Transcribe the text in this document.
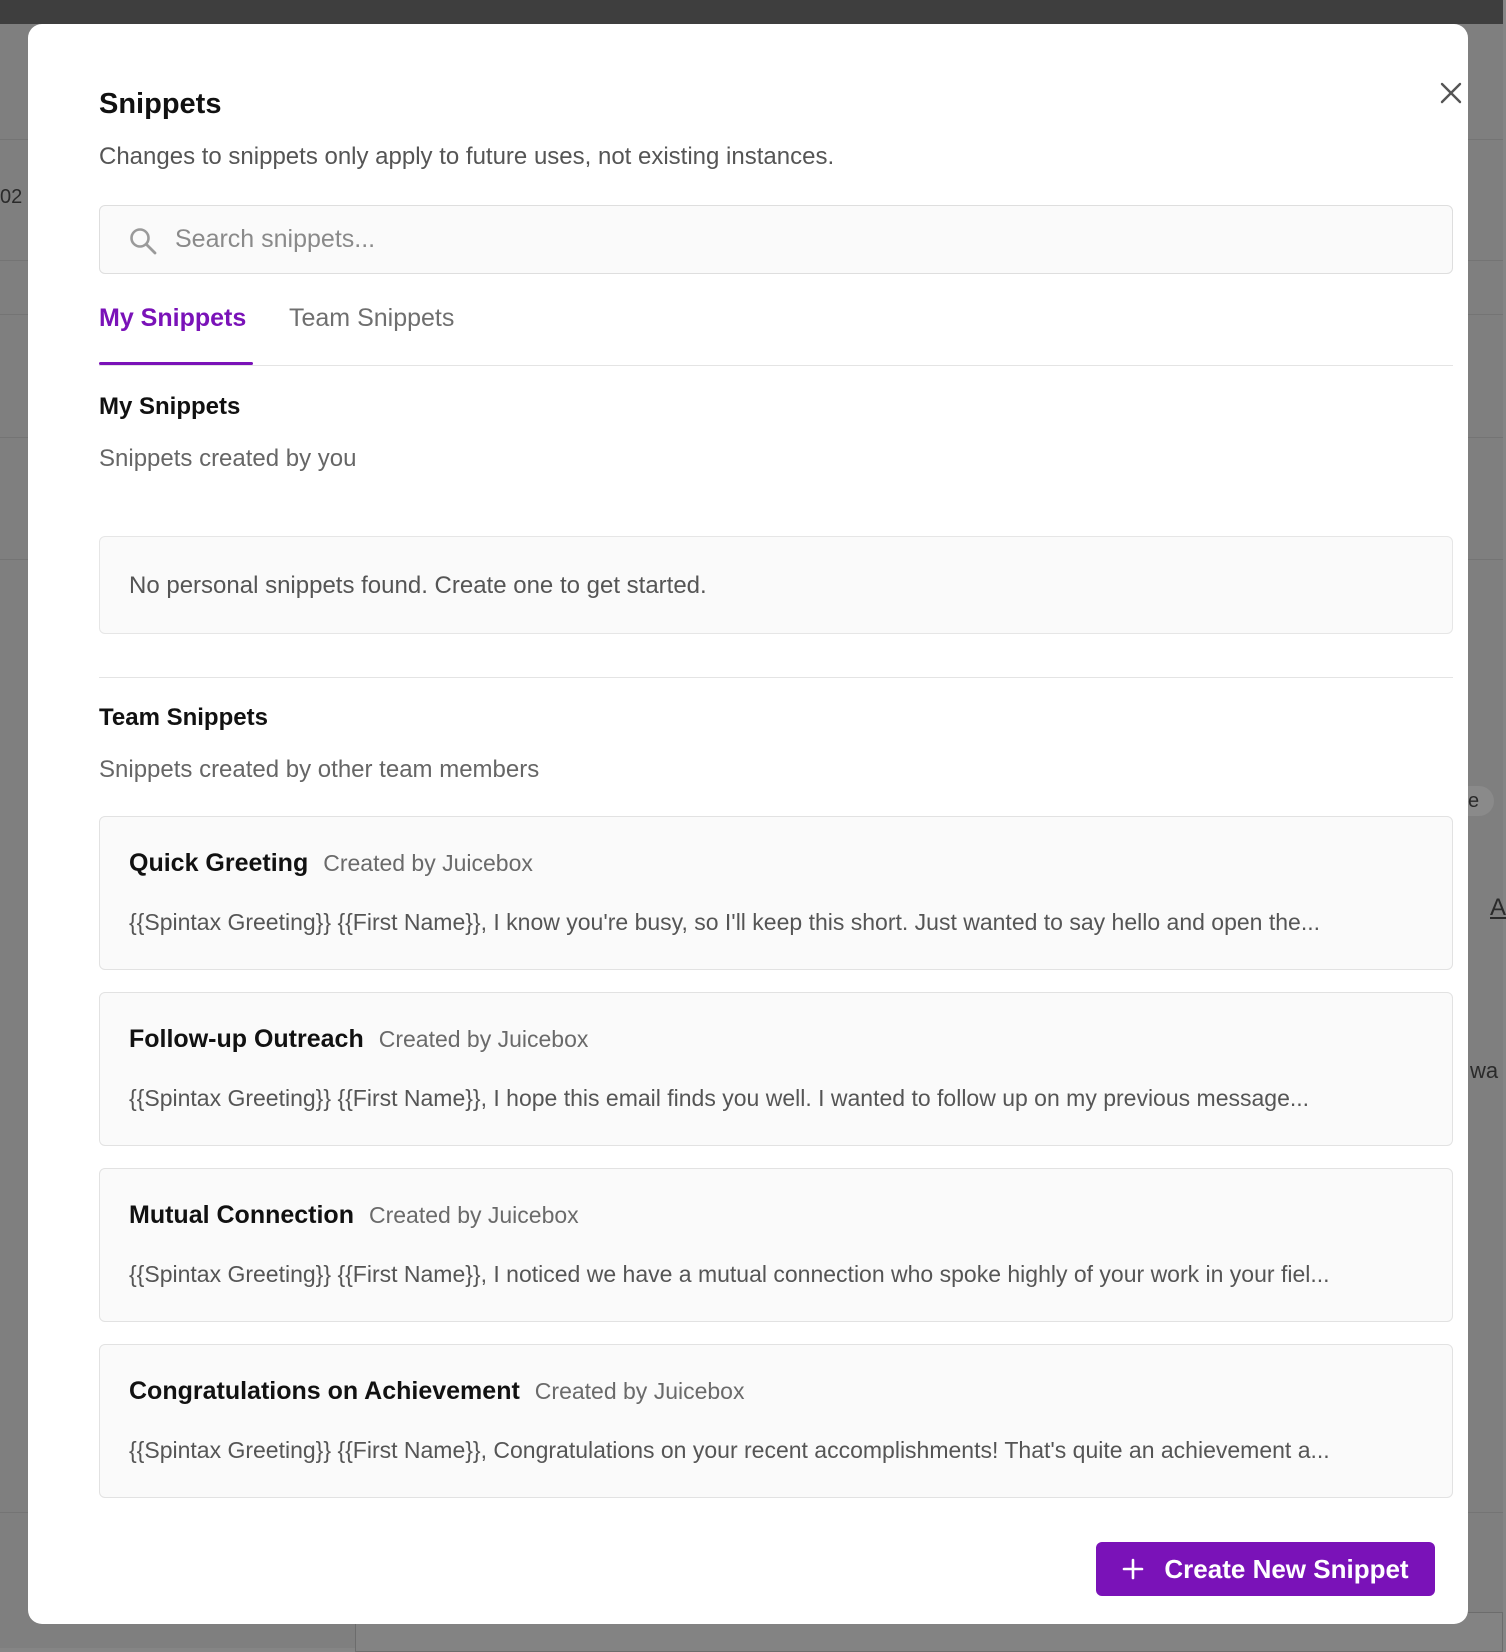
02
e
wa
A
Snippets
Changes to snippets only apply to future uses, not existing instances.
Search snippets...
My Snippets Team Snippets
My Snippets
Snippets created by you
No personal snippets found. Create one to get started.
Team Snippets
Snippets created by other team members
Quick Greeting Created by Juicebox
{{Spintax Greeting}} {{First Name}}, I know you're busy, so I'll keep this short. Just wanted to say hello and open the...
Follow-up Outreach Created by Juicebox
{{Spintax Greeting}} {{First Name}}, I hope this email finds you well. I wanted to follow up on my previous message...
Mutual Connection Created by Juicebox
{{Spintax Greeting}} {{First Name}}, I noticed we have a mutual connection who spoke highly of your work in your fiel...
Congratulations on Achievement Created by Juicebox
{{Spintax Greeting}} {{First Name}}, Congratulations on your recent accomplishments! That's quite an achievement a...
Create New Snippet
